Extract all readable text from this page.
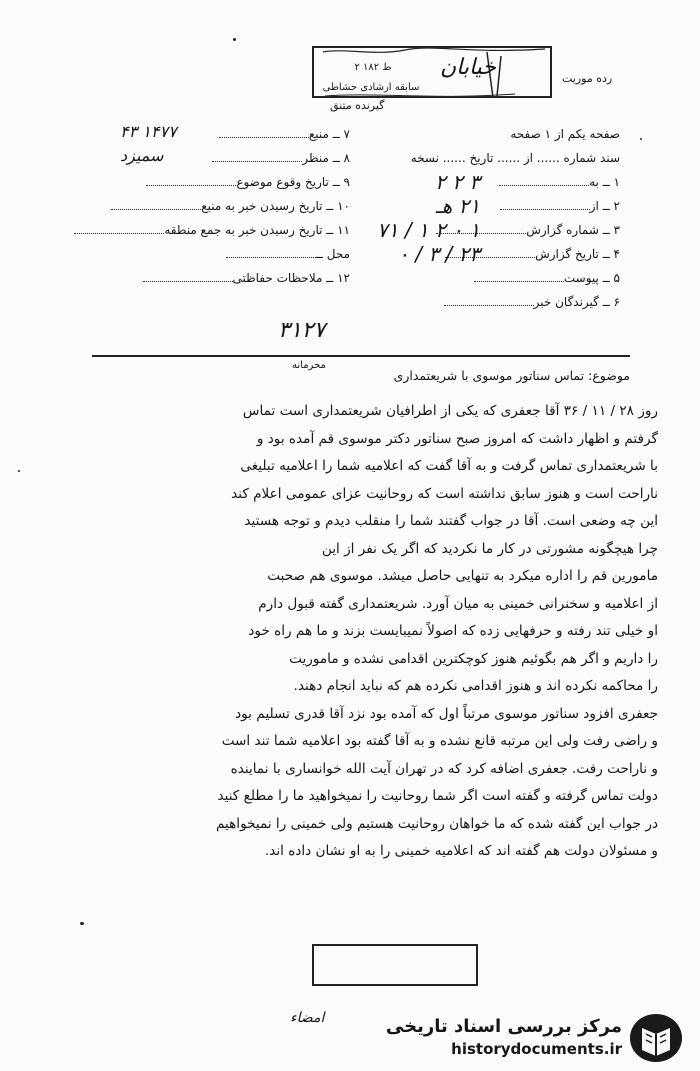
رده موریت
ط ۱۸۲ ۲
سابقه ارشادی حشاطی
خیابان
گیرنده متنق
صفحه یکم از ۱ صفحه
سند شماره ...... از ...... تاریخ ...... نسخه
۱ ــ به
۳ ۲ ۲
۲ ــ از
۲۱ هـ
۳ ــ شماره گزارش
۱ ۰ ۲ ۱ / ۷۱
۴ ــ تاریخ گزارش
۲۳ / ۳ / ۰
۵ ــ پیوست
۶ ــ گیرندگان خبر
۷ ــ منبع
۱۴۷۷ ۴۳
۸ ــ منظر
سمیزد
۹ ــ تاریخ وقوع موضوع
۱۰ ــ تاریخ رسیدن خبر به منبع
۱۱ ــ تاریخ رسیدن خبر به جمع منطقه
محل ــ
۱۲ ــ ملاحظات حفاظتی
۳۱۲۷
موضوع: تماس سناتور موسوی با شریعتمداری
محرمانه

روز ۲۸ / ۱۱ / ۳۶ آقا جعفری که یکی از اطرافیان شریعتمداری است تماس

گرفتم و اظهار داشت که امروز صبح سناتور دکتر موسوی قم آمده بود و

با شریعتمداری تماس گرفت و به آقا گفت که اعلامیه شما را اعلامیه تبلیغی

ناراحت است و هنوز سابق نداشته است که روحانیت عزای عمومی اعلام کند

این چه وضعی است. آقا در جواب گفتند شما را منقلب دیدم و توجه هستید

چرا هیچگونه مشورتی در کار ما نکردید که اگر یک نفر از این

مامورین قم را اداره میکرد به تنهایی حاصل میشد. موسوی هم صحبت

از اعلامیه و سخنرانی خمینی به میان آورد. شریعتمداری گفته قبول دارم

او خیلی تند رفته و حرفهایی زده که اصولاً نمیبایست بزند و ما هم راه خود

را داریم و اگر هم بگوئیم هنوز کوچکترین اقدامی نشده و ماموریت

را محاکمه نکرده اند و هنوز اقدامی نکرده هم که نباید انجام دهند.

جعفری افزود سناتور موسوی مرتباً اول که آمده بود نزد آقا قدری تسلیم بود

و راضی رفت ولی این مرتبه قانع نشده و به آقا گفته بود اعلامیه شما تند است

و ناراحت رفت. جعفری اضافه کرد که در تهران آیت الله خوانساری با نماینده

دولت تماس گرفته و گفته است اگر شما روحانیت را نمیخواهید ما را مطلع کنید

در جواب این گفته شده که ما خواهان روحانیت هستیم ولی خمینی را نمیخواهیم

و مسئولان دولت هم گفته اند که اعلامیه خمینی را به او نشان داده اند.

امضاء	مرکز بررسی اسناد تاریخی
historydocuments.ir
